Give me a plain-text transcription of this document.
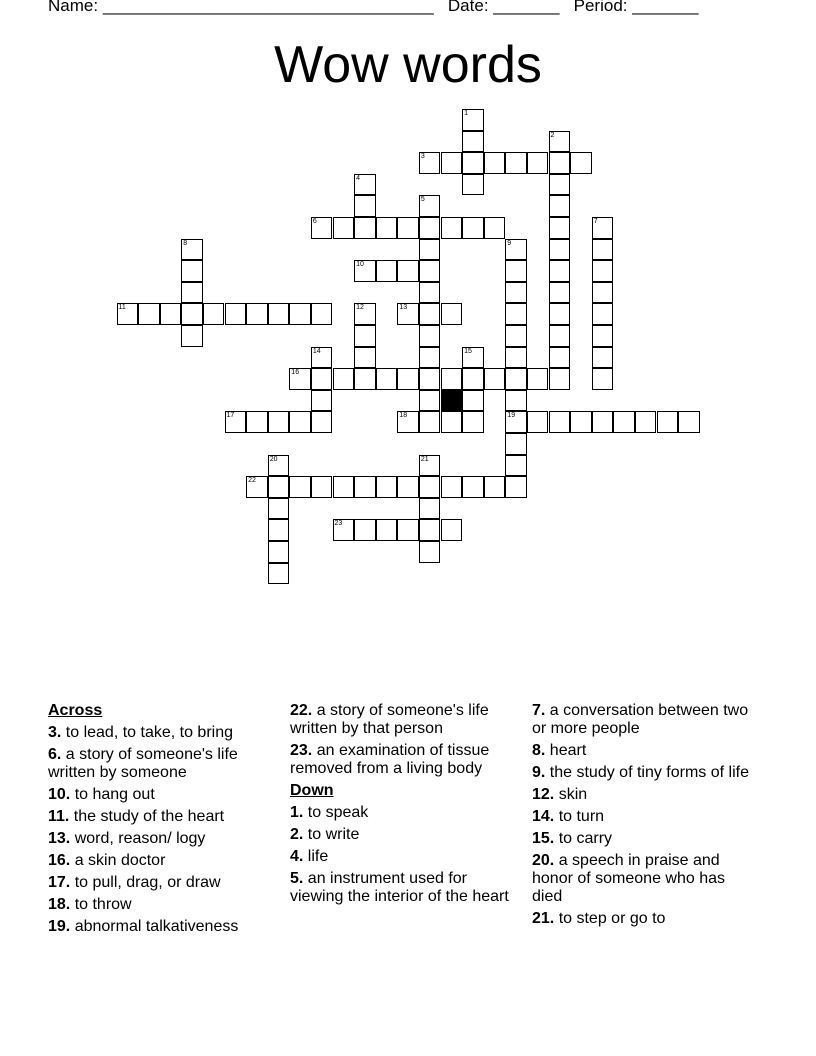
Name: ___________________________________ Date: _______ Period: _______
Wow words
1
2
3
4
5
6	7
8	9
10
11	12	13
14	15
16
17	18	19
20	21
22
23
Across
3. to lead, to take, to bring
6. a story of someone's life written by someone
10. to hang out
11. the study of the heart
13. word, reason/ logy
16. a skin doctor
17. to pull, drag, or draw
18. to throw
19. abnormal talkativeness
22. a story of someone's life written by that person
23. an examination of tissue removed from a living body
Down
1. to speak
2. to write
4. life
5. an instrument used for viewing the interior of the heart
7. a conversation between two or more people
8. heart
9. the study of tiny forms of life
12. skin
14. to turn
15. to carry
20. a speech in praise and honor of someone who has died
21. to step or go to
